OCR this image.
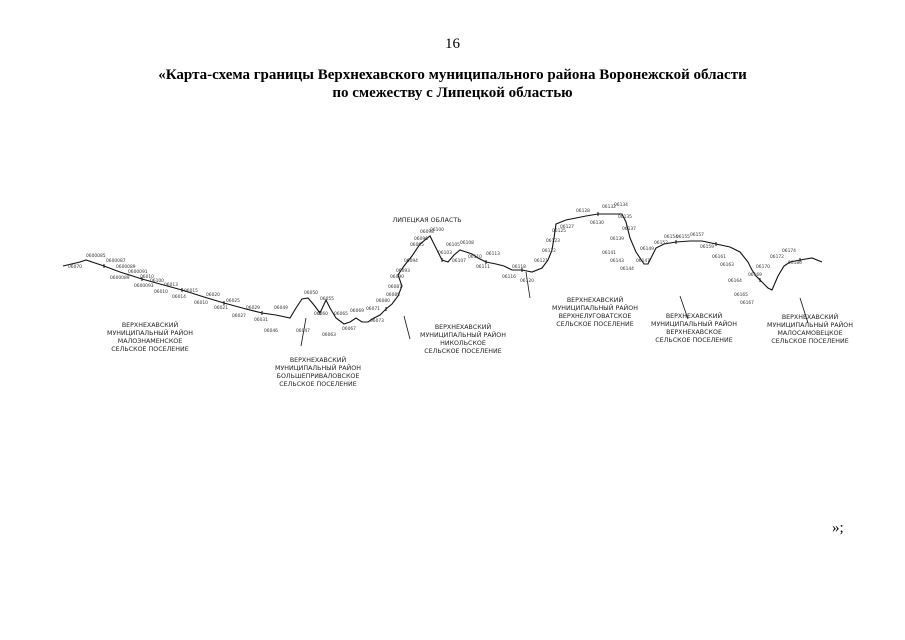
16
«Карта-схема границы Верхнехавского муниципального района Воронежской области
по смежеству с Липецкой областью
ЛИПЕЦКАЯ ОБЛАСТЬ
ВЕРХНЕХАВСКИЙ
МУНИЦИПАЛЬНЫЙ РАЙОН
МАЛОЗНАМЕНСКОЕ
СЕЛЬСКОЕ ПОСЕЛЕНИЕ
ВЕРХНЕХАВСКИЙ
МУНИЦИПАЛЬНЫЙ РАЙОН
БОЛЬШЕПРИВАЛОВСКОЕ
СЕЛЬСКОЕ ПОСЕЛЕНИЕ
ВЕРХНЕХАВСКИЙ
МУНИЦИПАЛЬНЫЙ РАЙОН
НИКОЛЬСКОЕ
СЕЛЬСКОЕ ПОСЕЛЕНИЕ
ВЕРХНЕХАВСКИЙ
МУНИЦИПАЛЬНЫЙ РАЙОН
ВЕРХНЕЛУГОВАТСКОЕ
СЕЛЬСКОЕ ПОСЕЛЕНИЕ
ВЕРХНЕХАВСКИЙ
МУНИЦИПАЛЬНЫЙ РАЙОН
ВЕРХНЕХАВСКОЕ
СЕЛЬСКОЕ ПОСЕЛЕНИЕ
ВЕРХНЕХАВСКИЙ
МУНИЦИПАЛЬНЫЙ РАЙОН
МАЛОСАМОВЕЦКОЕ
СЕЛЬСКОЕ ПОСЕЛЕНИЕ
06070
0600085
0600087
0600089
0600089
0600091
0600093
06010
06100
06010
06013
06014
06015
06010
06020
06021
06025
06027
06029
06031
06046
06049
06050
06047
06055
06060
06063
06065
06067
06069 06071
06073
06080
06085
06087
06090
06093
06094
06095
06096
06098
06100
06103
06105
06107
06108
06110
06111
06113
06116
06118
06120
06121
06122
06123
06125
06127
06128
06130
06132
06134
06135
06137
06139
06141
06143
06144
06147
06149
06152
06154
06155 06157
06159
06161
06163
06164
06165
06167
06169
06170
06172
06174
06180
»;
